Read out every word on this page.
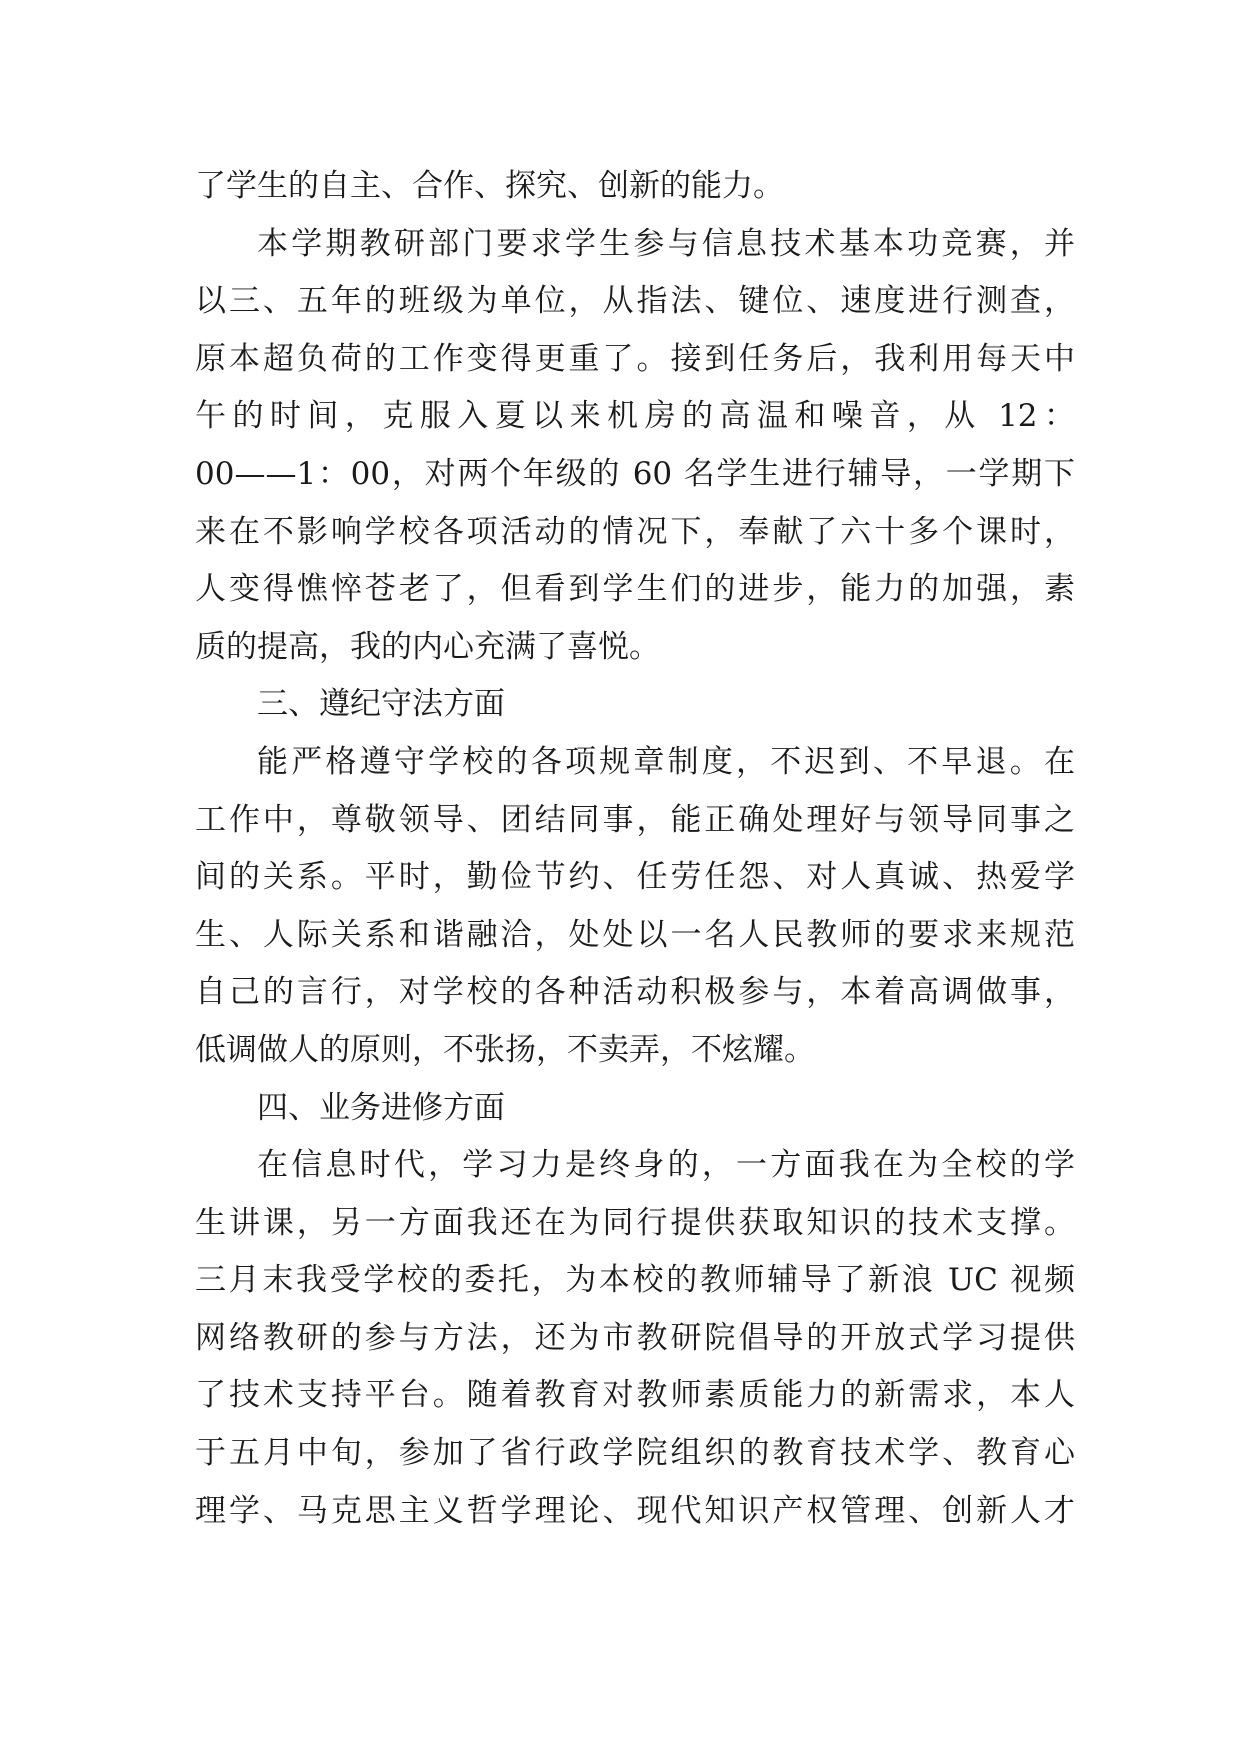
了学生的自主、合作、探究、创新的能力。
本学期教研部门要求学生参与信息技术基本功竞赛，并
以三、五年的班级为单位，从指法、键位、速度进行测查，
原本超负荷的工作变得更重了。接到任务后，我利用每天中
午的时间，克服入夏以来机房的高温和噪音，从 12：
00——1：00，对两个年级的 60 名学生进行辅导，一学期下
来在不影响学校各项活动的情况下，奉献了六十多个课时，
人变得憔悴苍老了，但看到学生们的进步，能力的加强，素
质的提高，我的内心充满了喜悦。
三、遵纪守法方面
能严格遵守学校的各项规章制度，不迟到、不早退。在
工作中，尊敬领导、团结同事，能正确处理好与领导同事之
间的关系。平时，勤俭节约、任劳任怨、对人真诚、热爱学
生、人际关系和谐融洽，处处以一名人民教师的要求来规范
自己的言行，对学校的各种活动积极参与，本着高调做事，
低调做人的原则，不张扬，不卖弄，不炫耀。
四、业务进修方面
在信息时代，学习力是终身的，一方面我在为全校的学
生讲课，另一方面我还在为同行提供获取知识的技术支撑。
三月末我受学校的委托，为本校的教师辅导了新浪 UC 视频
网络教研的参与方法，还为市教研院倡导的开放式学习提供
了技术支持平台。随着教育对教师素质能力的新需求，本人
于五月中旬，参加了省行政学院组织的教育技术学、教育心
理学、马克思主义哲学理论、现代知识产权管理、创新人才
